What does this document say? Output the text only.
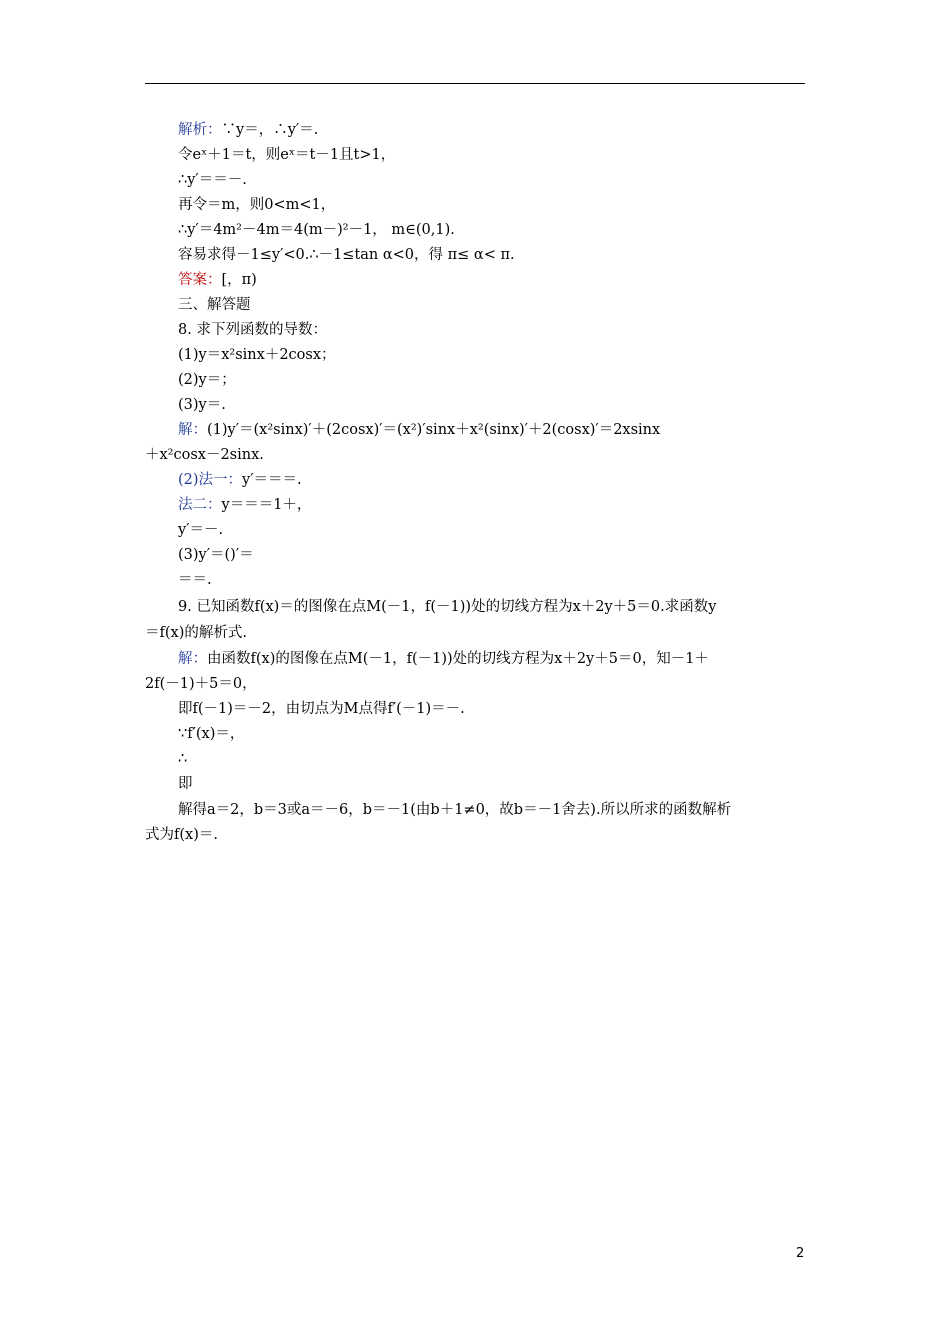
解析：∵y＝，∴y′＝.
令eˣ＋1＝t，则eˣ＝t－1且t>1，
∴y′＝＝－.
再令＝m，则0<m<1，
∴y′＝4m²－4m＝4(m－)²－1， m∈(0,1).
容易求得－1≤y′<0.∴－1≤tan α<0，得 π≤ α< π.
答案：[，π)
三、解答题
8. 求下列函数的导数：
(1)y＝x²sinx＋2cosx；
(2)y＝；
(3)y＝.
解：(1)y′＝(x²sinx)′＋(2cosx)′＝(x²)′sinx＋x²(sinx)′＋2(cosx)′＝2xsinx
＋x²cosx－2sinx.
(2)法一：y′＝＝＝.
法二：y＝＝＝1＋，
y′＝－.
(3)y′＝()′＝
＝＝.
9. 已知函数f(x)＝的图像在点M(－1，f(－1))处的切线方程为x＋2y＋5＝0.求函数y
＝f(x)的解析式.
解：由函数f(x)的图像在点M(－1，f(－1))处的切线方程为x＋2y＋5＝0，知－1＋
2f(－1)＋5＝0，
即f(－1)＝－2，由切点为M点得f′(－1)＝－.
∵f′(x)＝，
∴
即
解得a＝2，b＝3或a＝－6，b＝－1(由b＋1≠0，故b＝－1舍去).所以所求的函数解析
式为f(x)＝.
2
